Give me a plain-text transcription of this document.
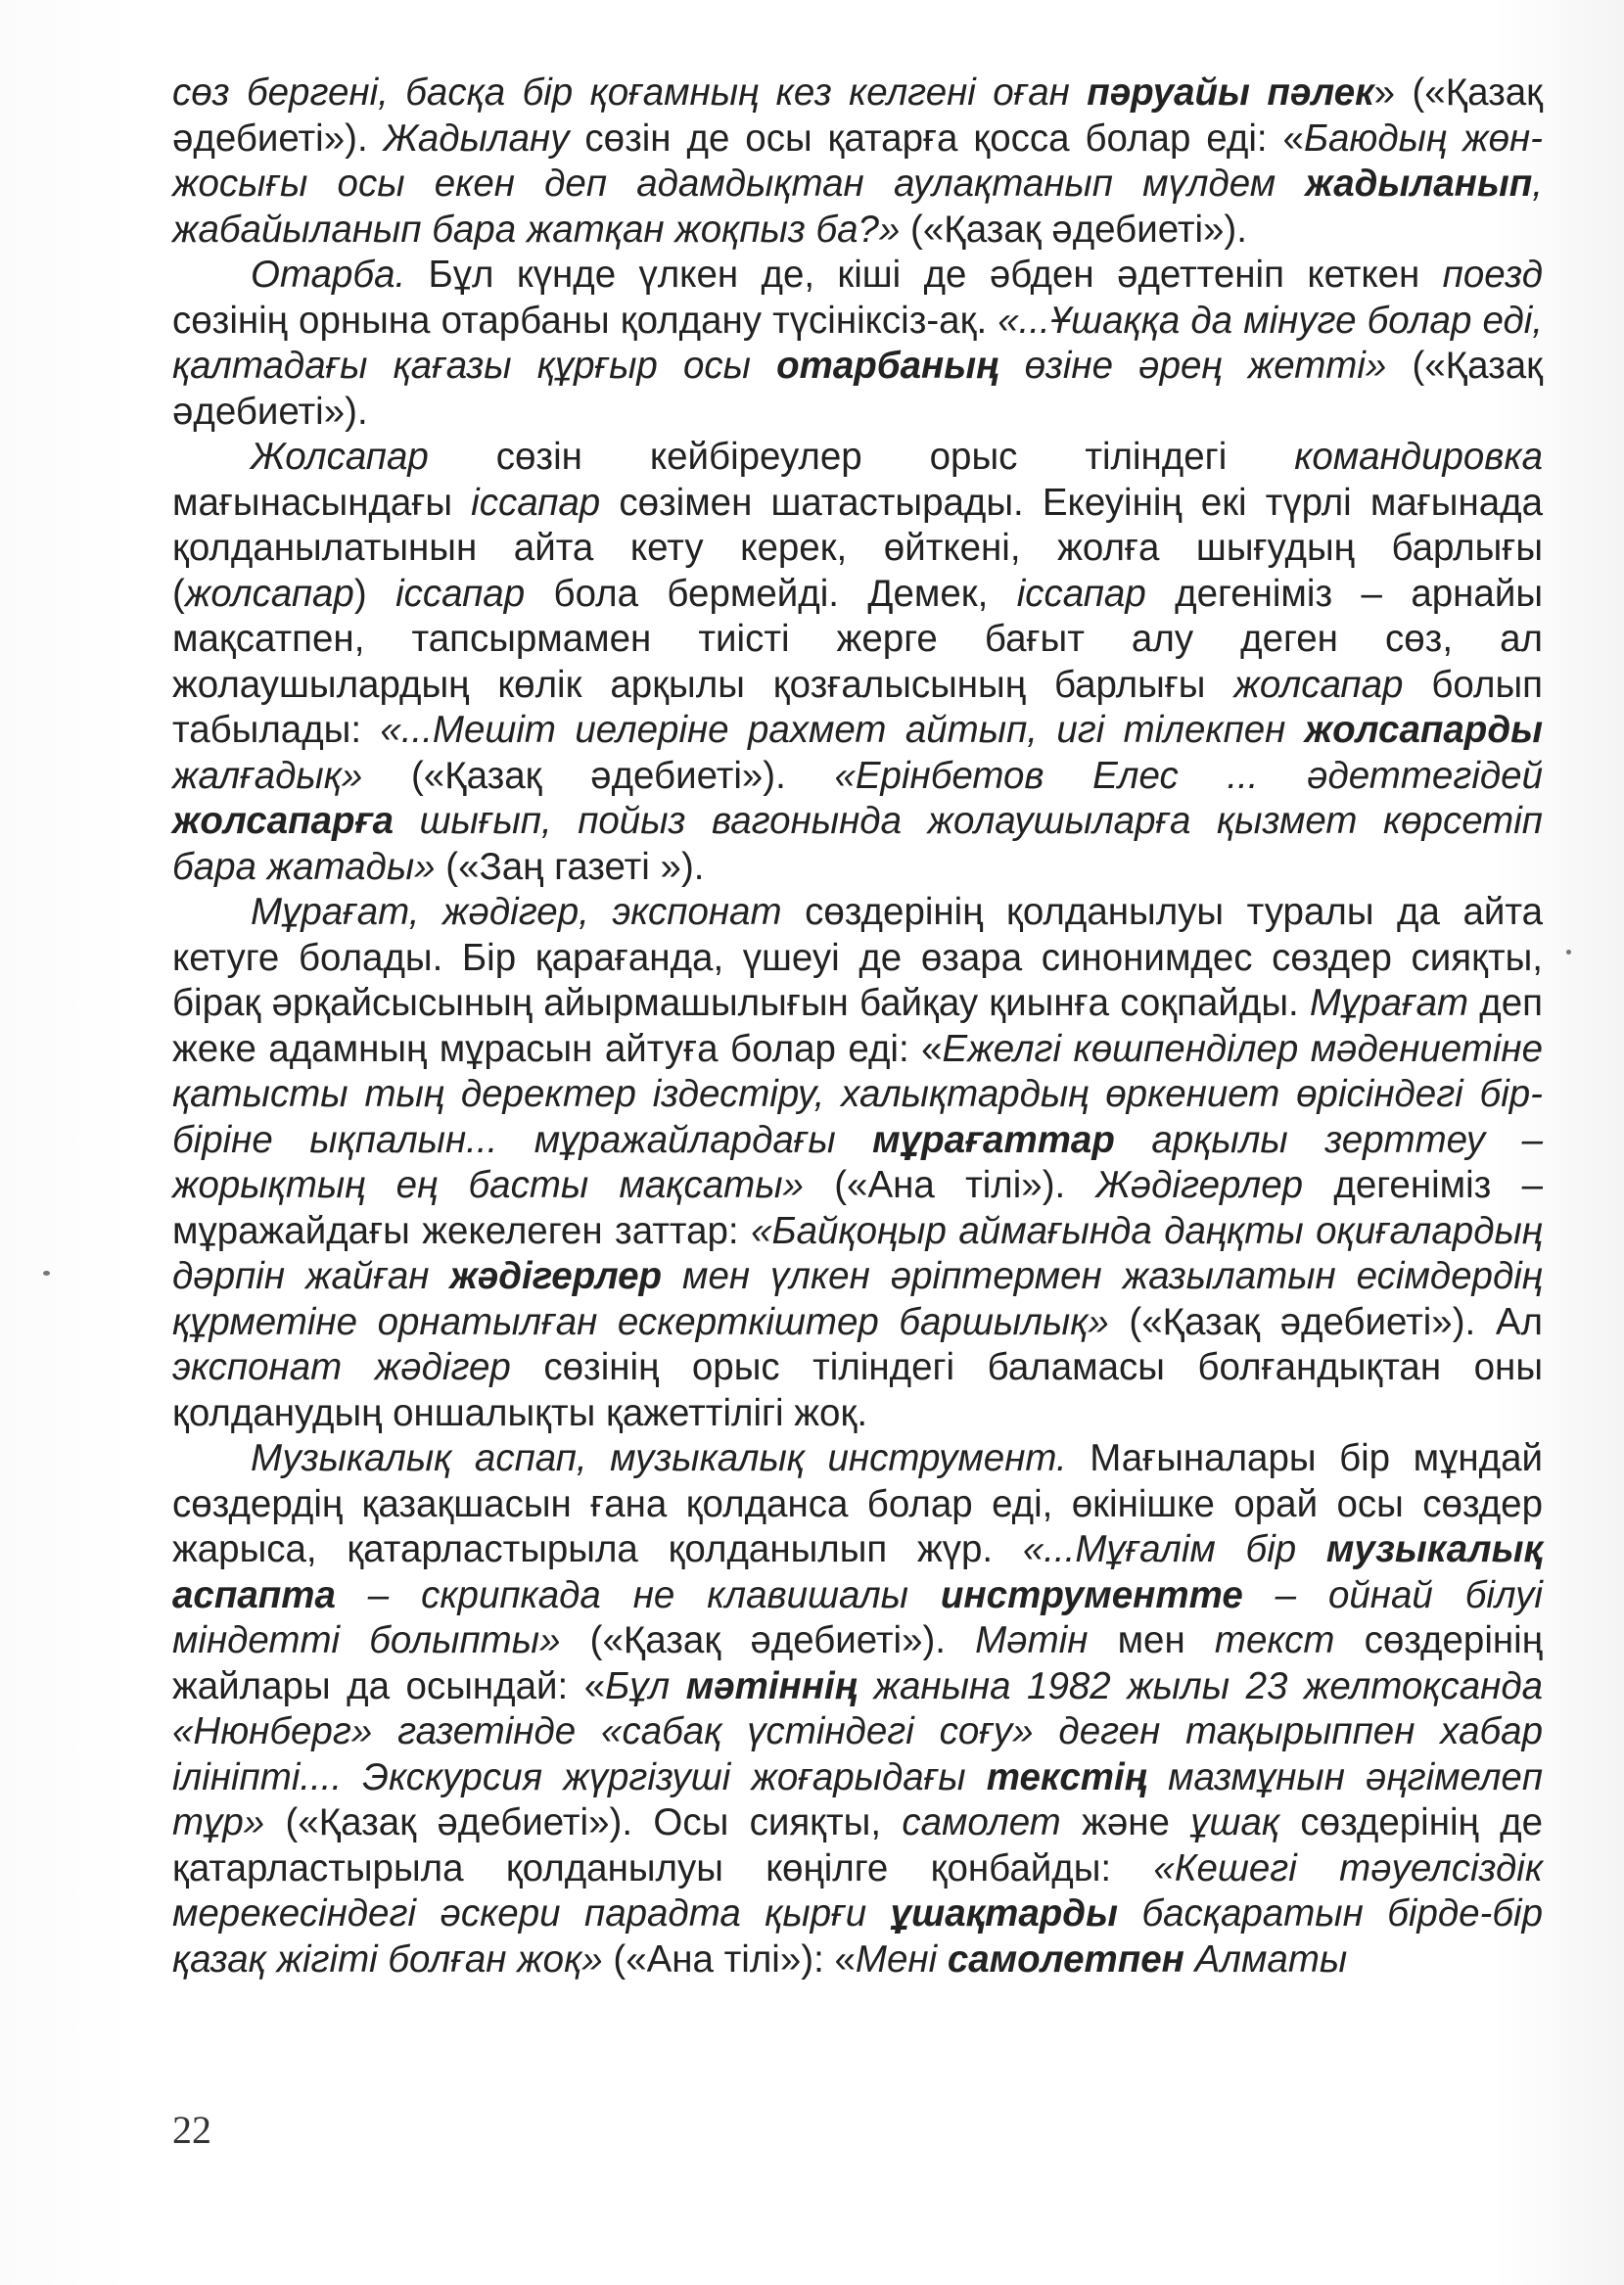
сөз бергені, басқа бір қоғамның кез келгені оған пәруайы пәлек» («Қазақ әдебиеті»). Жадылану сөзін де осы қатарға қосса болар еді: «Баюдың жөн-жосығы осы екен деп адамдықтан аулақтанып мүлдем жадыланып, жабайыланып бара жатқан жоқпыз ба?» («Қазақ әдебиеті»).

Отарба. Бұл күнде үлкен де, кіші де әбден әдеттеніп кеткен поезд сөзінің орнына отарбаны қолдану түсініксіз-ақ. «...Ұшаққа да мінуге болар еді, қалтадағы қағазы құрғыр осы отарбаның өзіне әрең жетті» («Қазақ әдебиеті»).

Жолсапар сөзін кейбіреулер орыс тіліндегі командировка мағынасындағы іссапар сөзімен шатастырады. Екеуінің екі түрлі мағынада қолданылатынын айта кету керек, өйткені, жолға шығудың барлығы (жолсапар) іссапар бола бермейді. Демек, іссапар дегеніміз – арнайы мақсатпен, тапсырмамен тиісті жерге бағыт алу деген сөз, ал жолаушылардың көлік арқылы қозғалысының барлығы жолсапар болып табылады: «...Мешіт иелеріне рахмет айтып, игі тілекпен жолсапарды жалғадық» («Қазақ әдебиеті»). «Ерінбетов Елес ... әдеттегідей жолсапарға шығып, пойыз вагонында жолаушыларға қызмет көрсетіп бара жатады» («Заң газеті »).

Мұрағат, жәдігер, экспонат сөздерінің қолданылуы туралы да айта кетуге болады. Бір қарағанда, үшеуі де өзара синонимдес сөздер сияқты, бірақ әрқайсысының айырмашылығын байқау қиынға соқпайды. Мұрағат деп жеке адамның мұрасын айтуға болар еді: «Ежелгі көшпенділер мәдениетіне қатысты тың деректер іздестіру, халықтардың өркениет өрісіндегі бір-біріне ықпалын... мұражайлардағы мұрағаттар арқылы зерттеу – жорықтың ең басты мақсаты» («Ана тілі»). Жәдігерлер дегеніміз – мұражайдағы жекелеген заттар: «Байқоңыр аймағында даңқты оқиғалардың дәрпін жайған жәдігерлер мен үлкен әріптермен жазылатын есімдердің құрметіне орнатылған ескерткіштер баршылық» («Қазақ әдебиеті»). Ал экспонат жәдігер сөзінің орыс тіліндегі баламасы болғандықтан оны қолданудың оншалықты қажеттілігі жоқ.

Музыкалық аспап, музыкалық инструмент. Мағыналары бір мұндай сөздердің қазақшасын ғана қолданса болар еді, өкінішке орай осы сөздер жарыса, қатарластырыла қолданылып жүр. «...Мұғалім бір музыкалық аспапта – скрипкада не клавишалы инструментте – ойнай білуі міндетті болыпты» («Қазақ әдебиеті»). Мәтін мен текст сөздерінің жайлары да осындай: «Бұл мәтіннің жанына 1982 жылы 23 желтоқсанда «Нюнберг» газетінде «сабақ үстіндегі соғу» деген тақырыппен хабар ілініпті.... Экскурсия жүргізуші жоғарыдағы текстің мазмұнын әңгімелеп тұр» («Қазақ әдебиеті»). Осы сияқты, самолет және ұшақ сөздерінің де қатарластырыла қолданылуы көңілге қонбайды: «Кешегі тәуелсіздік мерекесіндегі әскери парадта қырғи ұшақтарды басқаратын бірде-бір қазақ жігіті болған жоқ» («Ана тілі»): «Мені самолетпен Алматы

22
